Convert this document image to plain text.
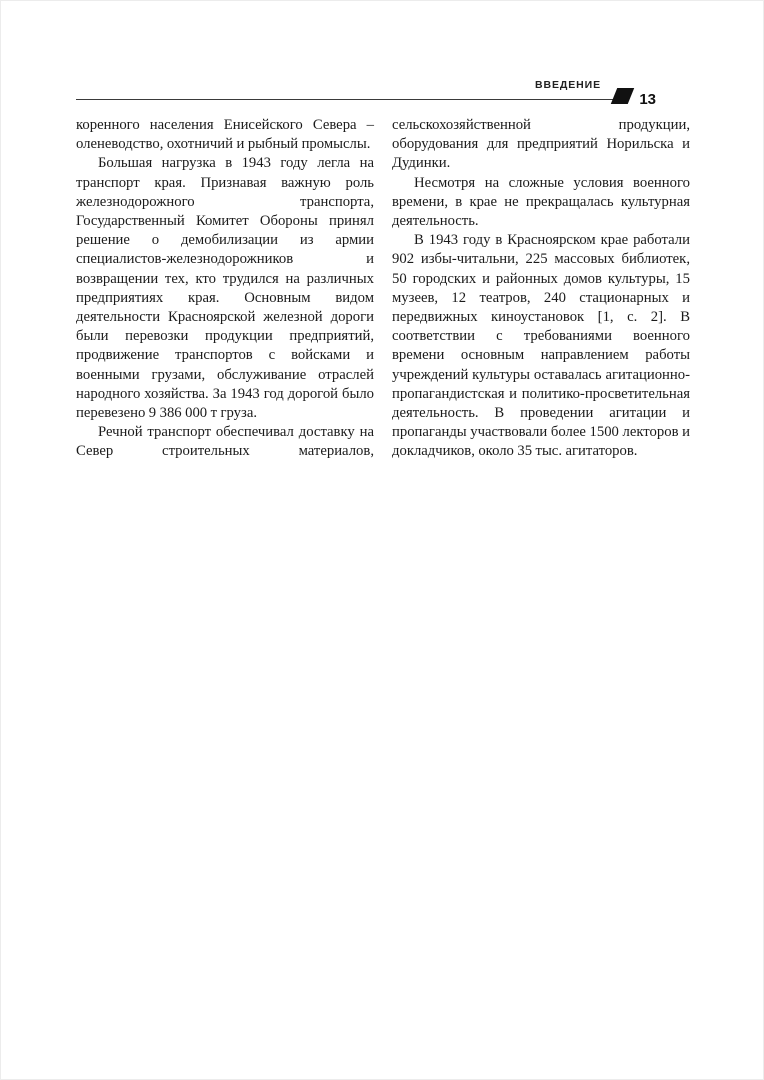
ВВЕДЕНИЕ
13

коренного населения Енисейского Севера – оленеводство, охотничий и рыбный промыслы.

Большая нагрузка в 1943 году легла на транспорт края. Признавая важную роль железнодорожного транспорта, Государственный Комитет Обороны принял решение о демобилизации из армии специалистов-железнодорожников и возвращении тех, кто трудился на различных предприятиях края. Основным видом деятельности Красноярской железной дороги были перевозки продукции предприятий, продвижение транспортов с войсками и военными грузами, обслуживание отраслей народного хозяйства. За 1943 год дорогой было перевезено 9 386 000 т груза.

Речной транспорт обеспечивал доставку на Север строительных материалов,

сельскохозяйственной продукции, оборудования для предприятий Норильска и Дудинки.

Несмотря на сложные условия военного времени, в крае не прекращалась культурная деятельность.

В 1943 году в Красноярском крае работали 902 избы-читальни, 225 массовых библиотек, 50 городских и районных домов культуры, 15 музеев, 12 театров, 240 стационарных и передвижных киноустановок [1, с. 2]. В соответствии с требованиями военного времени основным направлением работы учреждений культуры оставалась агитационно-пропагандистская и политико-просветительная деятельность. В проведении агитации и пропаганды участвовали более 1500 лекторов и докладчиков, около 35 тыс. агитаторов.
